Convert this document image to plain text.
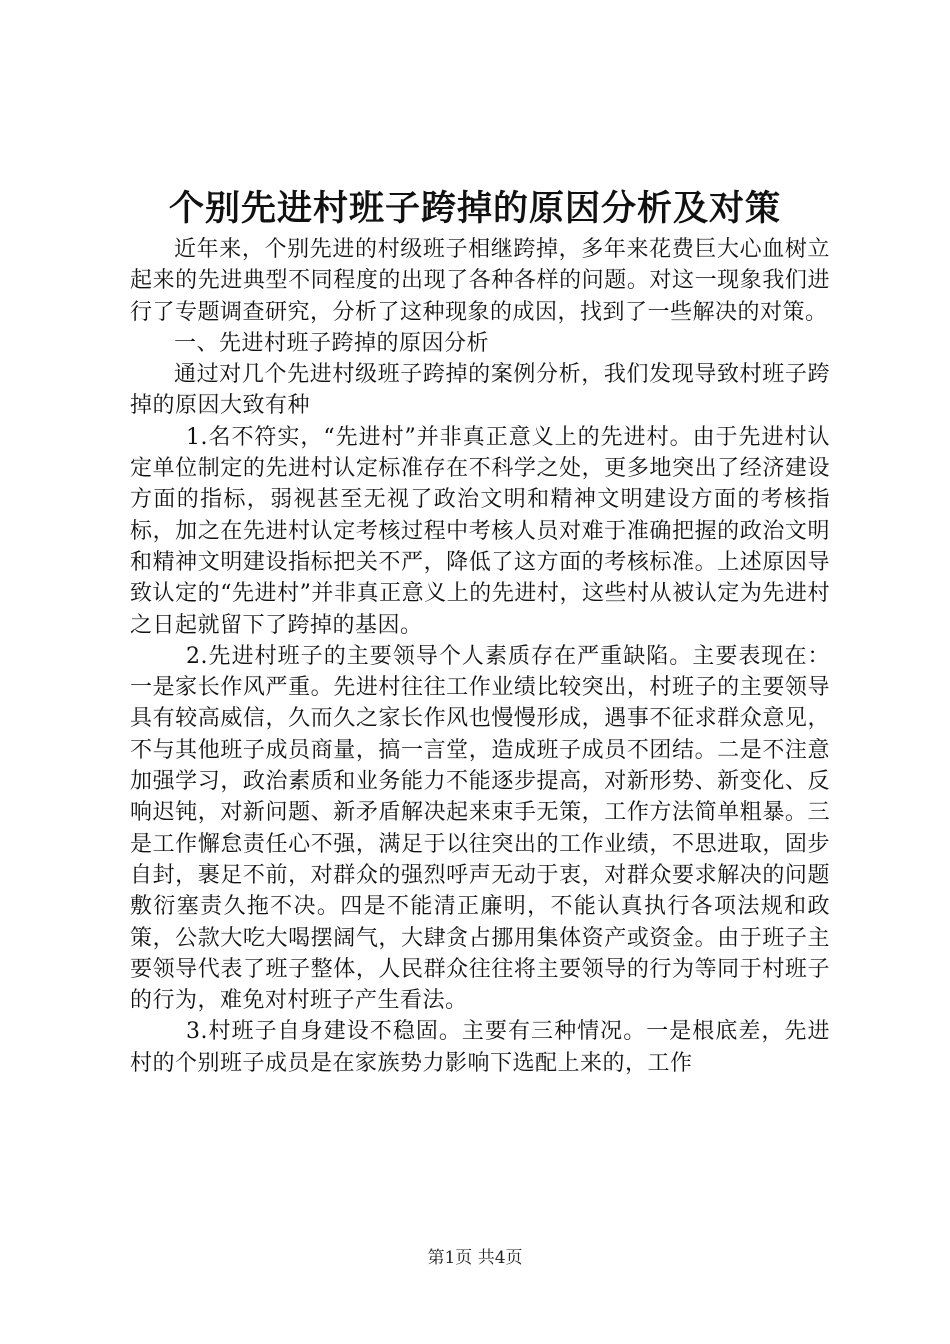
个别先进村班子跨掉的原因分析及对策

近年来，个别先进的村级班子相继跨掉，多年来花费巨大心血树立起来的先进典型不同程度的出现了各种各样的问题。对这一现象我们进行了专题调查研究，分析了这种现象的成因，找到了一些解决的对策。

一、先进村班子跨掉的原因分析

通过对几个先进村级班子跨掉的案例分析，我们发现导致村班子跨掉的原因大致有种

1.名不符实，“先进村”并非真正意义上的先进村。由于先进村认定单位制定的先进村认定标准存在不科学之处，更多地突出了经济建设方面的指标，弱视甚至无视了政治文明和精神文明建设方面的考核指标，加之在先进村认定考核过程中考核人员对难于准确把握的政治文明和精神文明建设指标把关不严，降低了这方面的考核标准。上述原因导致认定的“先进村”并非真正意义上的先进村，这些村从被认定为先进村之日起就留下了跨掉的基因。

2.先进村班子的主要领导个人素质存在严重缺陷。主要表现在：一是家长作风严重。先进村往往工作业绩比较突出，村班子的主要领导具有较高威信，久而久之家长作风也慢慢形成，遇事不征求群众意见，不与其他班子成员商量，搞一言堂，造成班子成员不团结。二是不注意加强学习，政治素质和业务能力不能逐步提高，对新形势、新变化、反响迟钝，对新问题、新矛盾解决起来束手无策，工作方法简单粗暴。三是工作懈怠责任心不强，满足于以往突出的工作业绩，不思进取，固步自封，裹足不前，对群众的强烈呼声无动于衷，对群众要求解决的问题敷衍塞责久拖不决。四是不能清正廉明，不能认真执行各项法规和政策，公款大吃大喝摆阔气，大肆贪占挪用集体资产或资金。由于班子主要领导代表了班子整体，人民群众往往将主要领导的行为等同于村班子的行为，难免对村班子产生看法。

3.村班子自身建设不稳固。主要有三种情况。一是根底差，先进村的个别班子成员是在家族势力影响下选配上来的，工作

第1页 共4页
